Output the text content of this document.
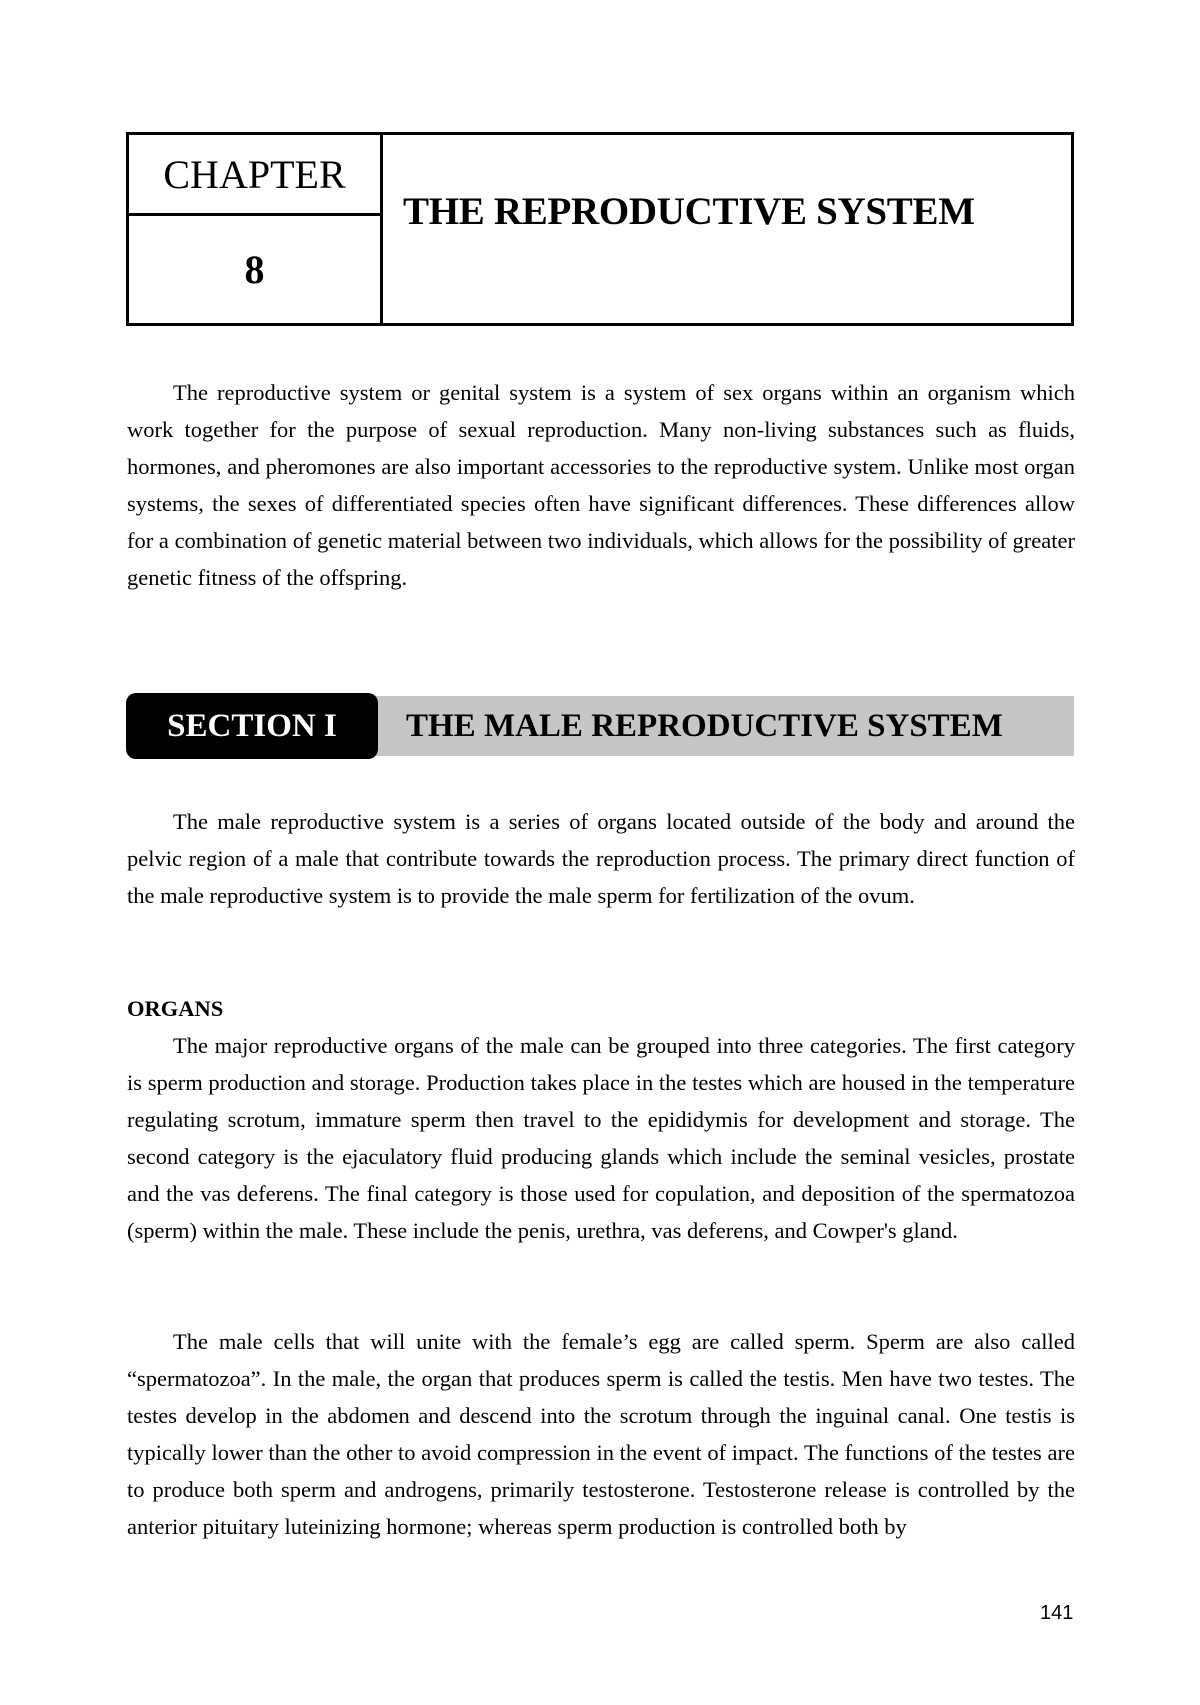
CHAPTER
8
THE REPRODUCTIVE SYSTEM

The reproductive system or genital system is a system of sex organs within an organism which work together for the purpose of sexual reproduction. Many non-living substances such as fluids, hormones, and pheromones are also important accessories to the reproductive system. Unlike most organ systems, the sexes of differentiated species often have significant differences. These differences allow for a combination of genetic material between two individuals, which allows for the possibility of greater genetic fitness of the offspring.

SECTION I	THE MALE REPRODUCTIVE SYSTEM

The male reproductive system is a series of organs located outside of the body and around the pelvic region of a male that contribute towards the reproduction process. The primary direct function of the male reproductive system is to provide the male sperm for fertilization of the ovum.

ORGANS

The major reproductive organs of the male can be grouped into three categories. The first category is sperm production and storage. Production takes place in the testes which are housed in the temperature regulating scrotum, immature sperm then travel to the epididymis for development and storage. The second category is the ejaculatory fluid producing glands which include the seminal vesicles, prostate and the vas deferens. The final category is those used for copulation, and deposition of the spermatozoa (sperm) within the male. These include the penis, urethra, vas deferens, and Cowper's gland.

The male cells that will unite with the female’s egg are called sperm. Sperm are also called “spermatozoa”. In the male, the organ that produces sperm is called the testis. Men have two testes. The testes develop in the abdomen and descend into the scrotum through the inguinal canal. One testis is typically lower than the other to avoid compression in the event of impact. The functions of the testes are to produce both sperm and androgens, primarily testosterone. Testosterone release is controlled by the anterior pituitary luteinizing hormone; whereas sperm production is controlled both by

141
